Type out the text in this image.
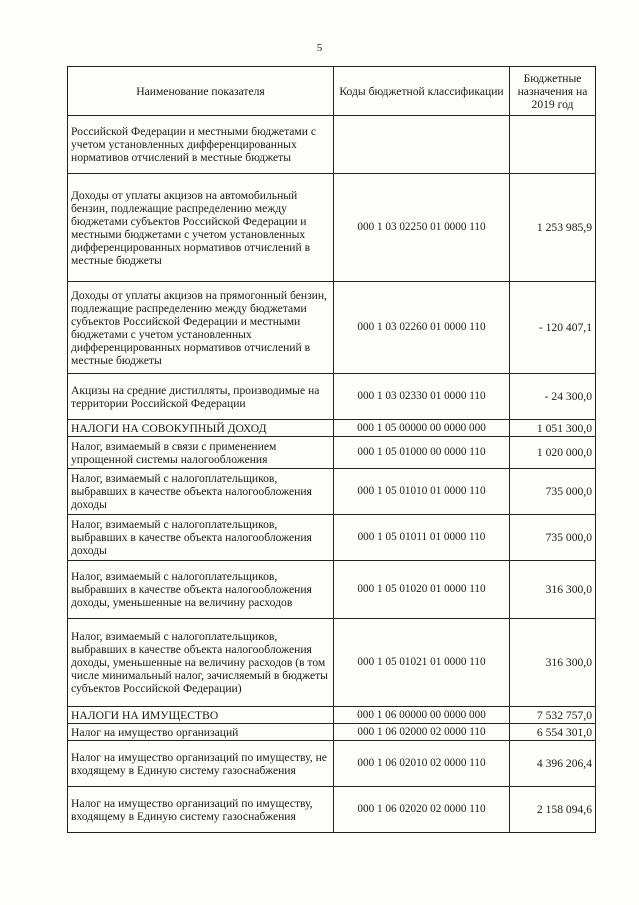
5
Наименование показателя	Коды бюджетной классификации	Бюджетные назначения на 2019 год
Российской Федерации и местными бюджетами с учетом установленных дифференцированных нормативов отчислений в местные бюджеты		
Доходы от уплаты акцизов на автомобильный бензин, подлежащие распределению между бюджетами субъектов Российской Федерации и местными бюджетами с учетом установленных дифференцированных нормативов отчислений в местные бюджеты	000 1 03 02250 01 0000 110	1 253 985,9
Доходы от уплаты акцизов на прямогонный бензин, подлежащие распределению между бюджетами субъектов Российской Федерации и местными бюджетами с учетом установленных дифференцированных нормативов отчислений в местные бюджеты	000 1 03 02260 01 0000 110	- 120 407,1
Акцизы на средние дистилляты, производимые на территории Российской Федерации	000 1 03 02330 01 0000 110	- 24 300,0
НАЛОГИ НА СОВОКУПНЫЙ ДОХОД	000 1 05 00000 00 0000 000	1 051 300,0
Налог, взимаемый в связи с применением упрощенной системы налогообложения	000 1 05 01000 00 0000 110	1 020 000,0
Налог, взимаемый с налогоплательщиков, выбравших в качестве объекта налогообложения доходы	000 1 05 01010 01 0000 110	735 000,0
Налог, взимаемый с налогоплательщиков, выбравших в качестве объекта налогообложения доходы	000 1 05 01011 01 0000 110	735 000,0
Налог, взимаемый с налогоплательщиков, выбравших в качестве объекта налогообложения доходы, уменьшенные на величину расходов	000 1 05 01020 01 0000 110	316 300,0
Налог, взимаемый с налогоплательщиков, выбравших в качестве объекта налогообложения доходы, уменьшенные на величину расходов (в том числе минимальный налог, зачисляемый в бюджеты субъектов Российской Федерации)	000 1 05 01021 01 0000 110	316 300,0
НАЛОГИ НА ИМУЩЕСТВО	000 1 06 00000 00 0000 000	7 532 757,0
Налог на имущество организаций	000 1 06 02000 02 0000 110	6 554 301,0
Налог на имущество организаций по имуществу, не входящему в Единую систему газоснабжения	000 1 06 02010 02 0000 110	4 396 206,4
Налог на имущество организаций по имуществу, входящему в Единую систему газоснабжения	000 1 06 02020 02 0000 110	2 158 094,6
